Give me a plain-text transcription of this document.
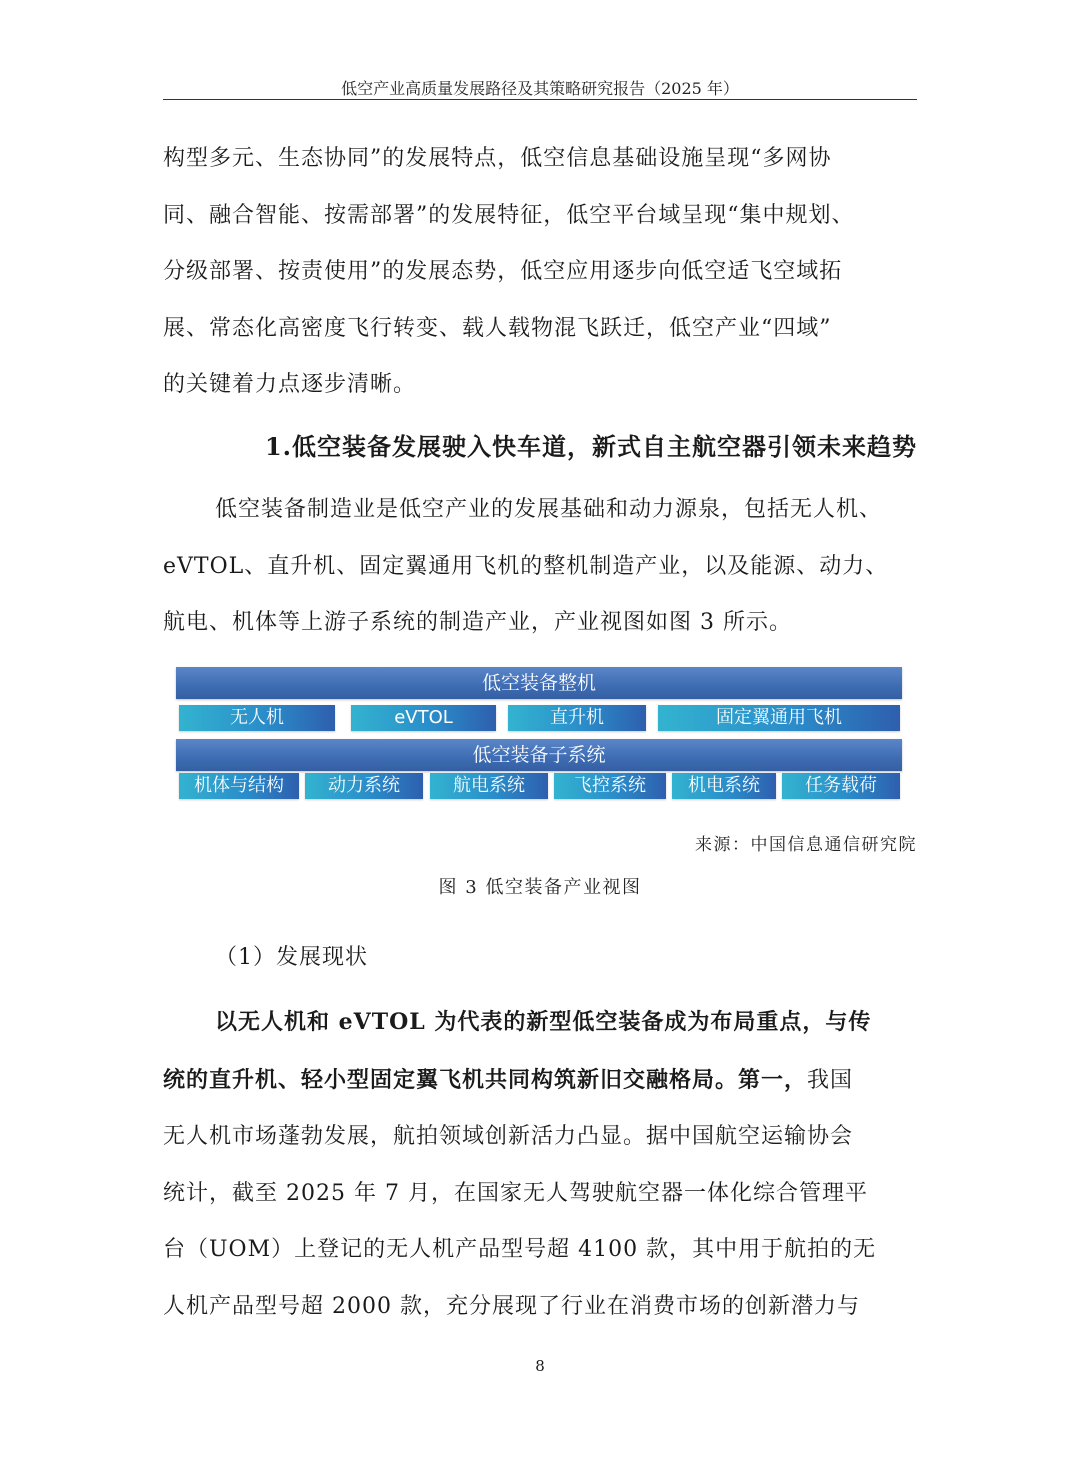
低空产业高质量发展路径及其策略研究报告（2025 年）
构型多元、生态协同”的发展特点，低空信息基础设施呈现“多网协
同、融合智能、按需部署”的发展特征，低空平台域呈现“集中规划、
分级部署、按责使用”的发展态势，低空应用逐步向低空适飞空域拓
展、常态化高密度飞行转变、载人载物混飞跃迁，低空产业“四域”
的关键着力点逐步清晰。
1.低空装备发展驶入快车道，新式自主航空器引领未来趋势
低空装备制造业是低空产业的发展基础和动力源泉，包括无人机、
eVTOL、直升机、固定翼通用飞机的整机制造产业，以及能源、动力、
航电、机体等上游子系统的制造产业，产业视图如图 3 所示。
低空装备整机
无人机	eVTOL	直升机	固定翼通用飞机
低空装备子系统
机体与结构	动力系统	航电系统	飞控系统	机电系统	任务载荷
来源：中国信息通信研究院
图 3 低空装备产业视图
（1）发展现状
以无人机和 eVTOL 为代表的新型低空装备成为布局重点，与传
统的直升机、轻小型固定翼飞机共同构筑新旧交融格局。第一，我国
无人机市场蓬勃发展，航拍领域创新活力凸显。据中国航空运输协会
统计，截至 2025 年 7 月，在国家无人驾驶航空器一体化综合管理平
台（UOM）上登记的无人机产品型号超 4100 款，其中用于航拍的无
人机产品型号超 2000 款，充分展现了行业在消费市场的创新潜力与
8
